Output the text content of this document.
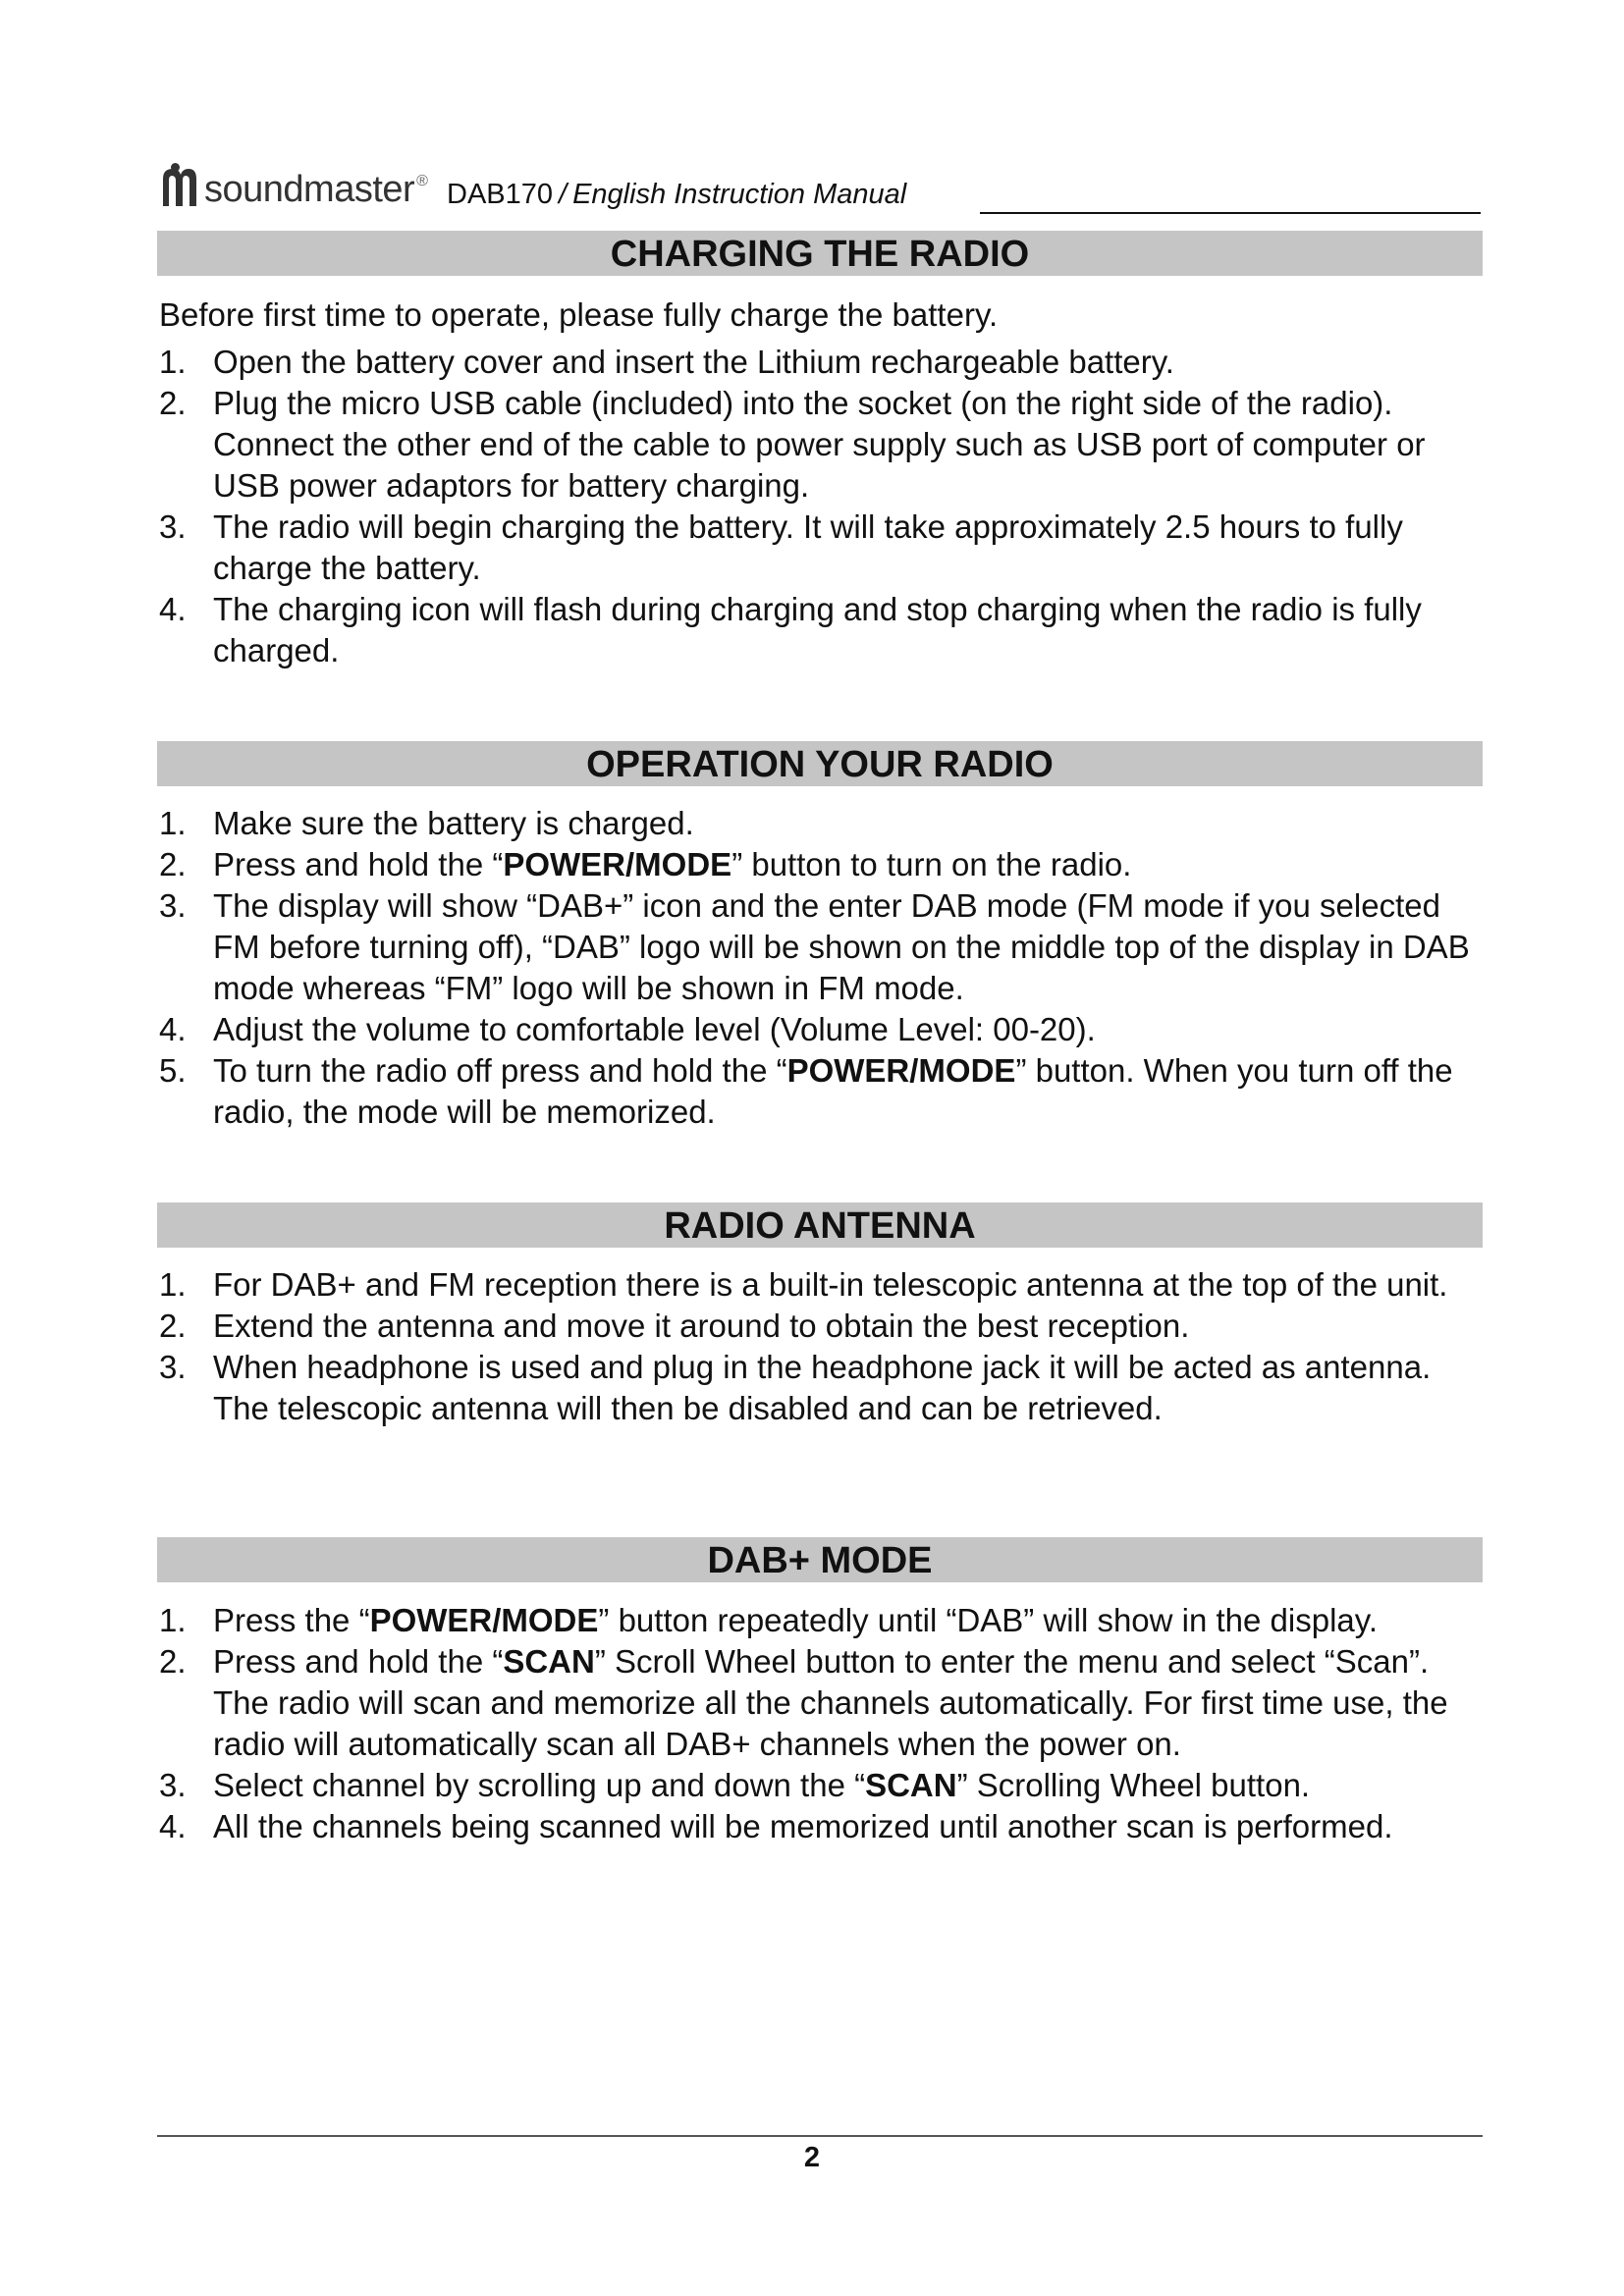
soundmaster ® DAB170 / English Instruction Manual
CHARGING THE RADIO
Before first time to operate, please fully charge the battery.
1. Open the battery cover and insert the Lithium rechargeable battery.
2. Plug the micro USB cable (included) into the socket (on the right side of the radio). Connect the other end of the cable to power supply such as USB port of computer or USB power adaptors for battery charging.
3. The radio will begin charging the battery. It will take approximately 2.5 hours to fully charge the battery.
4. The charging icon will flash during charging and stop charging when the radio is fully charged.
OPERATION YOUR RADIO
1. Make sure the battery is charged.
2. Press and hold the “POWER/MODE” button to turn on the radio.
3. The display will show “DAB+” icon and the enter DAB mode (FM mode if you selected FM before turning off), “DAB” logo will be shown on the middle top of the display in DAB mode whereas “FM” logo will be shown in FM mode.
4. Adjust the volume to comfortable level (Volume Level: 00-20).
5. To turn the radio off press and hold the “POWER/MODE” button. When you turn off the radio, the mode will be memorized.
RADIO ANTENNA
1. For DAB+ and FM reception there is a built-in telescopic antenna at the top of the unit.
2. Extend the antenna and move it around to obtain the best reception.
3. When headphone is used and plug in the headphone jack it will be acted as antenna. The telescopic antenna will then be disabled and can be retrieved.
DAB+ MODE
1. Press the “POWER/MODE” button repeatedly until “DAB” will show in the display.
2. Press and hold the “SCAN” Scroll Wheel button to enter the menu and select “Scan”. The radio will scan and memorize all the channels automatically. For first time use, the radio will automatically scan all DAB+ channels when the power on.
3. Select channel by scrolling up and down the “SCAN” Scrolling Wheel button.
4. All the channels being scanned will be memorized until another scan is performed.
2
